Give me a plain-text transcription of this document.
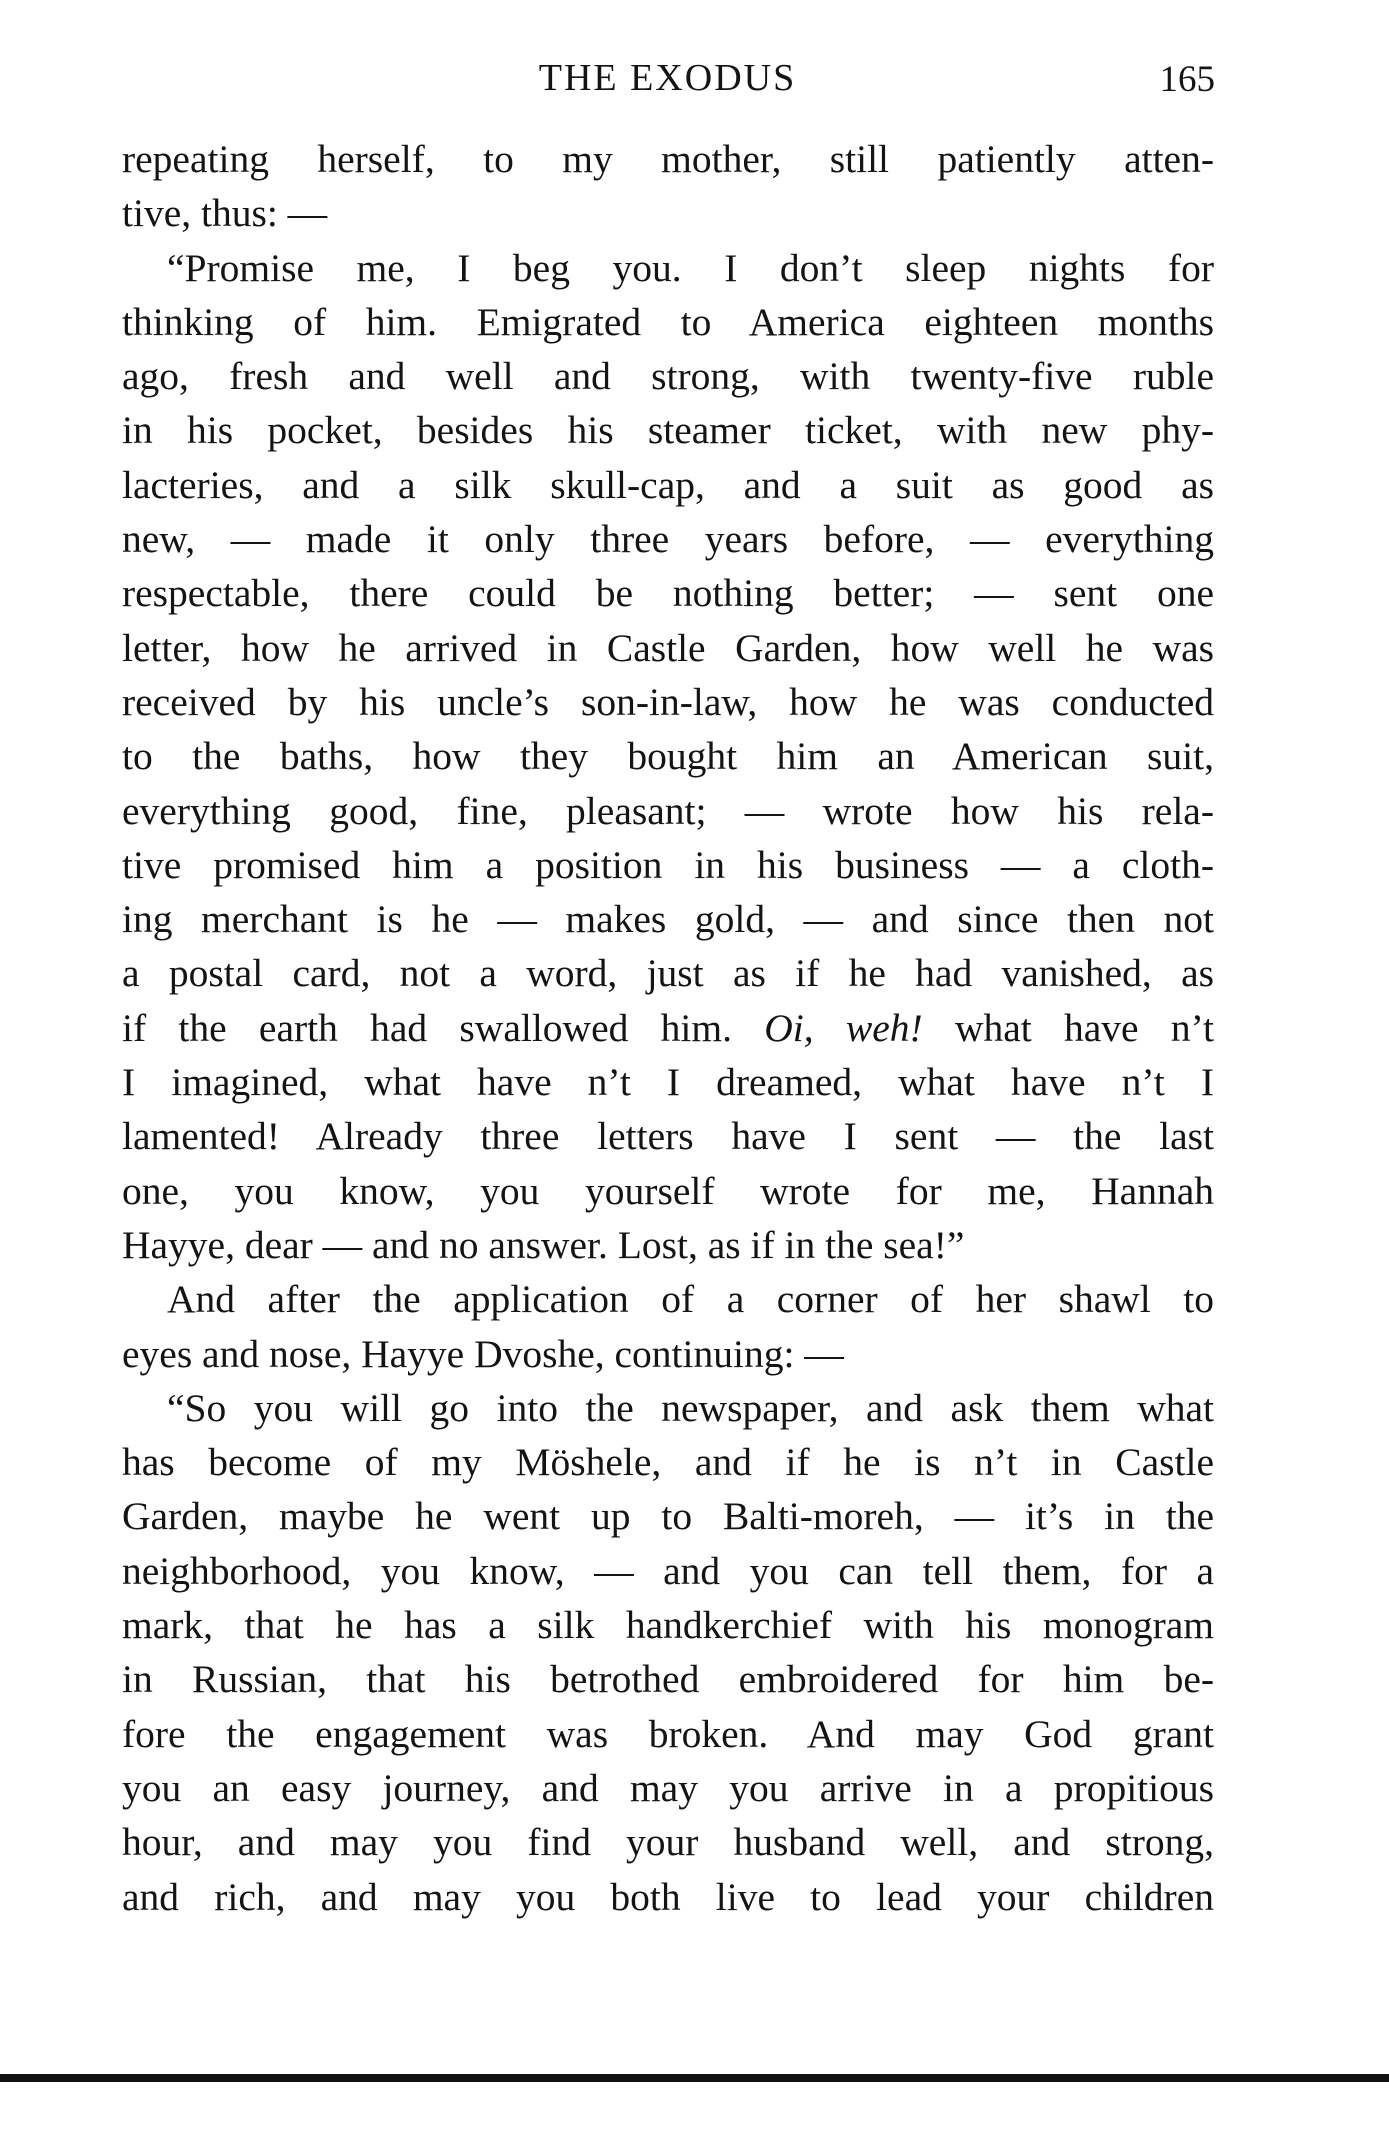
THE EXODUS	165
repeating herself, to my mother, still patiently atten-
tive, thus: —
“Promise me, I beg you. I don’t sleep nights for
thinking of him. Emigrated to America eighteen months
ago, fresh and well and strong, with twenty-five ruble
in his pocket, besides his steamer ticket, with new phy-
lacteries, and a silk skull-cap, and a suit as good as
new, — made it only three years before, — everything
respectable, there could be nothing better; — sent one
letter, how he arrived in Castle Garden, how well he was
received by his uncle’s son-in-law, how he was conducted
to the baths, how they bought him an American suit,
everything good, fine, pleasant; — wrote how his rela-
tive promised him a position in his business — a cloth-
ing merchant is he — makes gold, — and since then not
a postal card, not a word, just as if he had vanished, as
if the earth had swallowed him. Oi, weh! what have n’t
I imagined, what have n’t I dreamed, what have n’t I
lamented! Already three letters have I sent — the last
one, you know, you yourself wrote for me, Hannah
Hayye, dear — and no answer. Lost, as if in the sea!”
And after the application of a corner of her shawl to
eyes and nose, Hayye Dvoshe, continuing: —
“So you will go into the newspaper, and ask them what
has become of my Möshele, and if he is n’t in Castle
Garden, maybe he went up to Balti-moreh, — it’s in the
neighborhood, you know, — and you can tell them, for a
mark, that he has a silk handkerchief with his monogram
in Russian, that his betrothed embroidered for him be-
fore the engagement was broken. And may God grant
you an easy journey, and may you arrive in a propitious
hour, and may you find your husband well, and strong,
and rich, and may you both live to lead your children
